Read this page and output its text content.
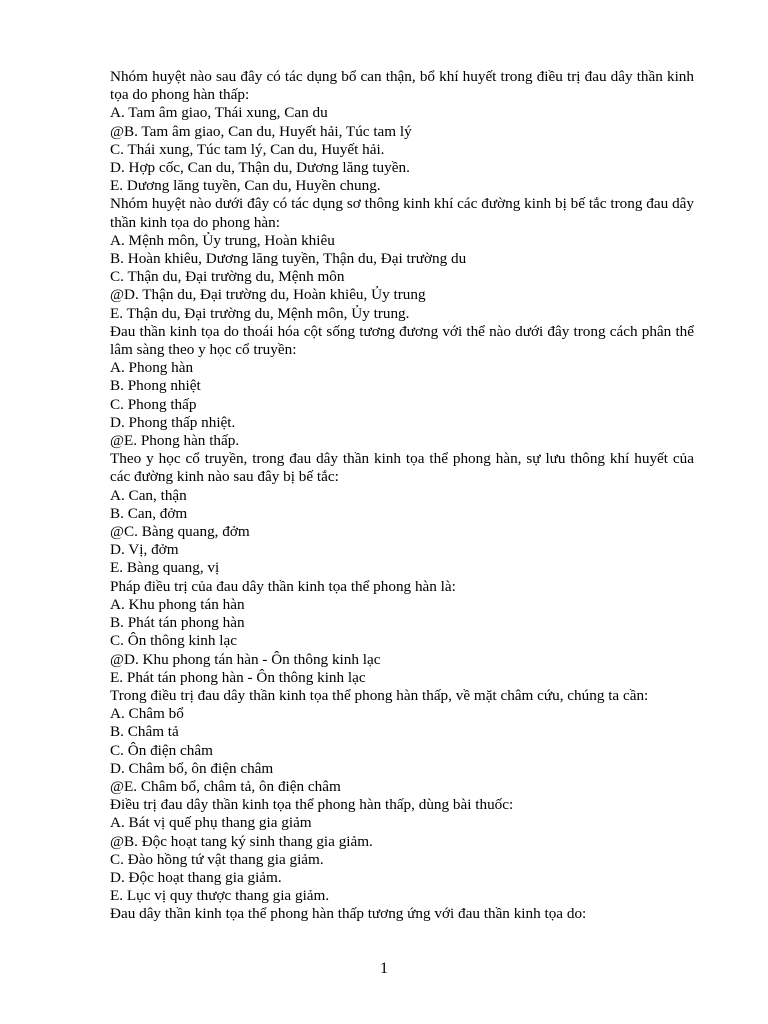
Nhóm huyệt nào sau đây có tác dụng bổ can thận, bổ khí huyết trong điều trị đau dây thần kinh tọa do phong hàn thấp:

A. Tam âm giao, Thái xung, Can du

@B. Tam âm giao, Can du, Huyết hải, Túc tam lý

C. Thái xung, Túc tam lý, Can du, Huyết hải.

D. Hợp cốc, Can du, Thận du, Dương lăng tuyền.

E. Dương lăng tuyền, Can du, Huyền chung.

Nhóm huyệt nào dưới đây có tác dụng sơ thông kinh khí các đường kinh bị bế tắc trong đau dây thần kinh tọa do phong hàn:

A. Mệnh môn, Ủy trung, Hoàn khiêu

B. Hoàn khiêu, Dương lăng tuyền, Thận du, Đại trường du

C. Thận du, Đại trường du, Mệnh môn

@D. Thận du, Đại trường du, Hoàn khiêu, Ủy trung

E. Thận du, Đại trường du, Mệnh môn, Ủy trung.

Đau thần kinh tọa do thoái hóa cột sống tương đương với thể nào dưới đây trong cách phân thể lâm sàng theo y học cổ truyền:

A. Phong hàn

B. Phong nhiệt

C. Phong thấp

D. Phong thấp nhiệt.

@E. Phong hàn thấp.

Theo y học cổ truyền, trong đau dây thần kinh tọa thể phong hàn, sự lưu thông khí huyết của các đường kinh nào sau đây bị bế tắc:

A. Can, thận

B. Can, đởm

@C. Bàng quang, đởm

D. Vị, đởm

E. Bàng quang, vị

Pháp điều trị của đau dây thần kinh tọa thể phong hàn là:

A. Khu phong tán hàn

B. Phát tán phong hàn

C. Ôn thông kinh lạc

@D. Khu phong tán hàn - Ôn thông kinh lạc

E. Phát tán phong hàn - Ôn thông kinh lạc

Trong điều trị đau dây thần kinh tọa thể phong hàn thấp, về mặt châm cứu, chúng ta cần:

A. Châm bổ

B. Châm tả

C. Ôn điện châm

D. Châm bổ, ôn điện châm

@E. Châm bổ, châm tả, ôn điện châm

Điều trị đau dây thần kinh tọa thể phong hàn thấp, dùng bài thuốc:

A. Bát vị quế phụ thang gia giảm

@B. Độc hoạt tang ký sinh thang gia giảm.

C. Đào hồng tứ vật thang gia giảm.

D. Độc hoạt thang gia giảm.

E. Lục vị quy thược thang gia giảm.

Đau dây thần kinh tọa thể phong hàn thấp tương ứng với đau thần kinh tọa do:

1
